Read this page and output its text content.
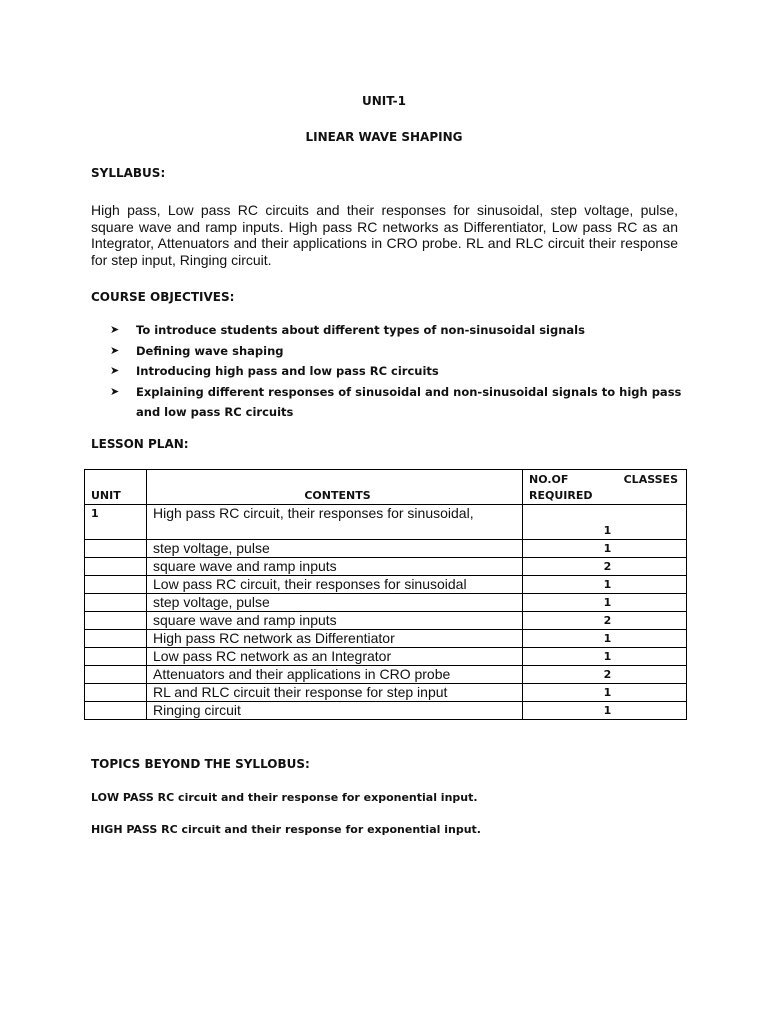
UNIT-1
LINEAR WAVE SHAPING
SYLLABUS:
High pass, Low pass RC circuits and their responses for sinusoidal, step voltage, pulse, square wave and ramp inputs. High pass RC networks as Differentiator, Low pass RC as an Integrator, Attenuators and their applications in CRO probe. RL and RLC circuit their response for step input, Ringing circuit.
COURSE OBJECTIVES:
➤ To introduce students about different types of non-sinusoidal signals
➤ Defining wave shaping
➤ Introducing high pass and low pass RC circuits
➤ Explaining different responses of sinusoidal and non-sinusoidal signals to high pass and low pass RC circuits
LESSON PLAN:
UNIT	CONTENTS	NO.OF CLASSES
REQUIRED

1	High pass RC circuit, their responses for sinusoidal,	1
	step voltage, pulse	1
	square wave and ramp inputs	2
	Low pass RC circuit, their responses for sinusoidal	1
	step voltage, pulse	1
	square wave and ramp inputs	2
	High pass RC network as Differentiator	1
	Low pass RC network as an Integrator	1
	Attenuators and their applications in CRO probe	2
	RL and RLC circuit their response for step input	1
	Ringing circuit	1
TOPICS BEYOND THE SYLLOBUS:
LOW PASS RC circuit and their response for exponential input.
HIGH PASS RC circuit and their response for exponential input.
